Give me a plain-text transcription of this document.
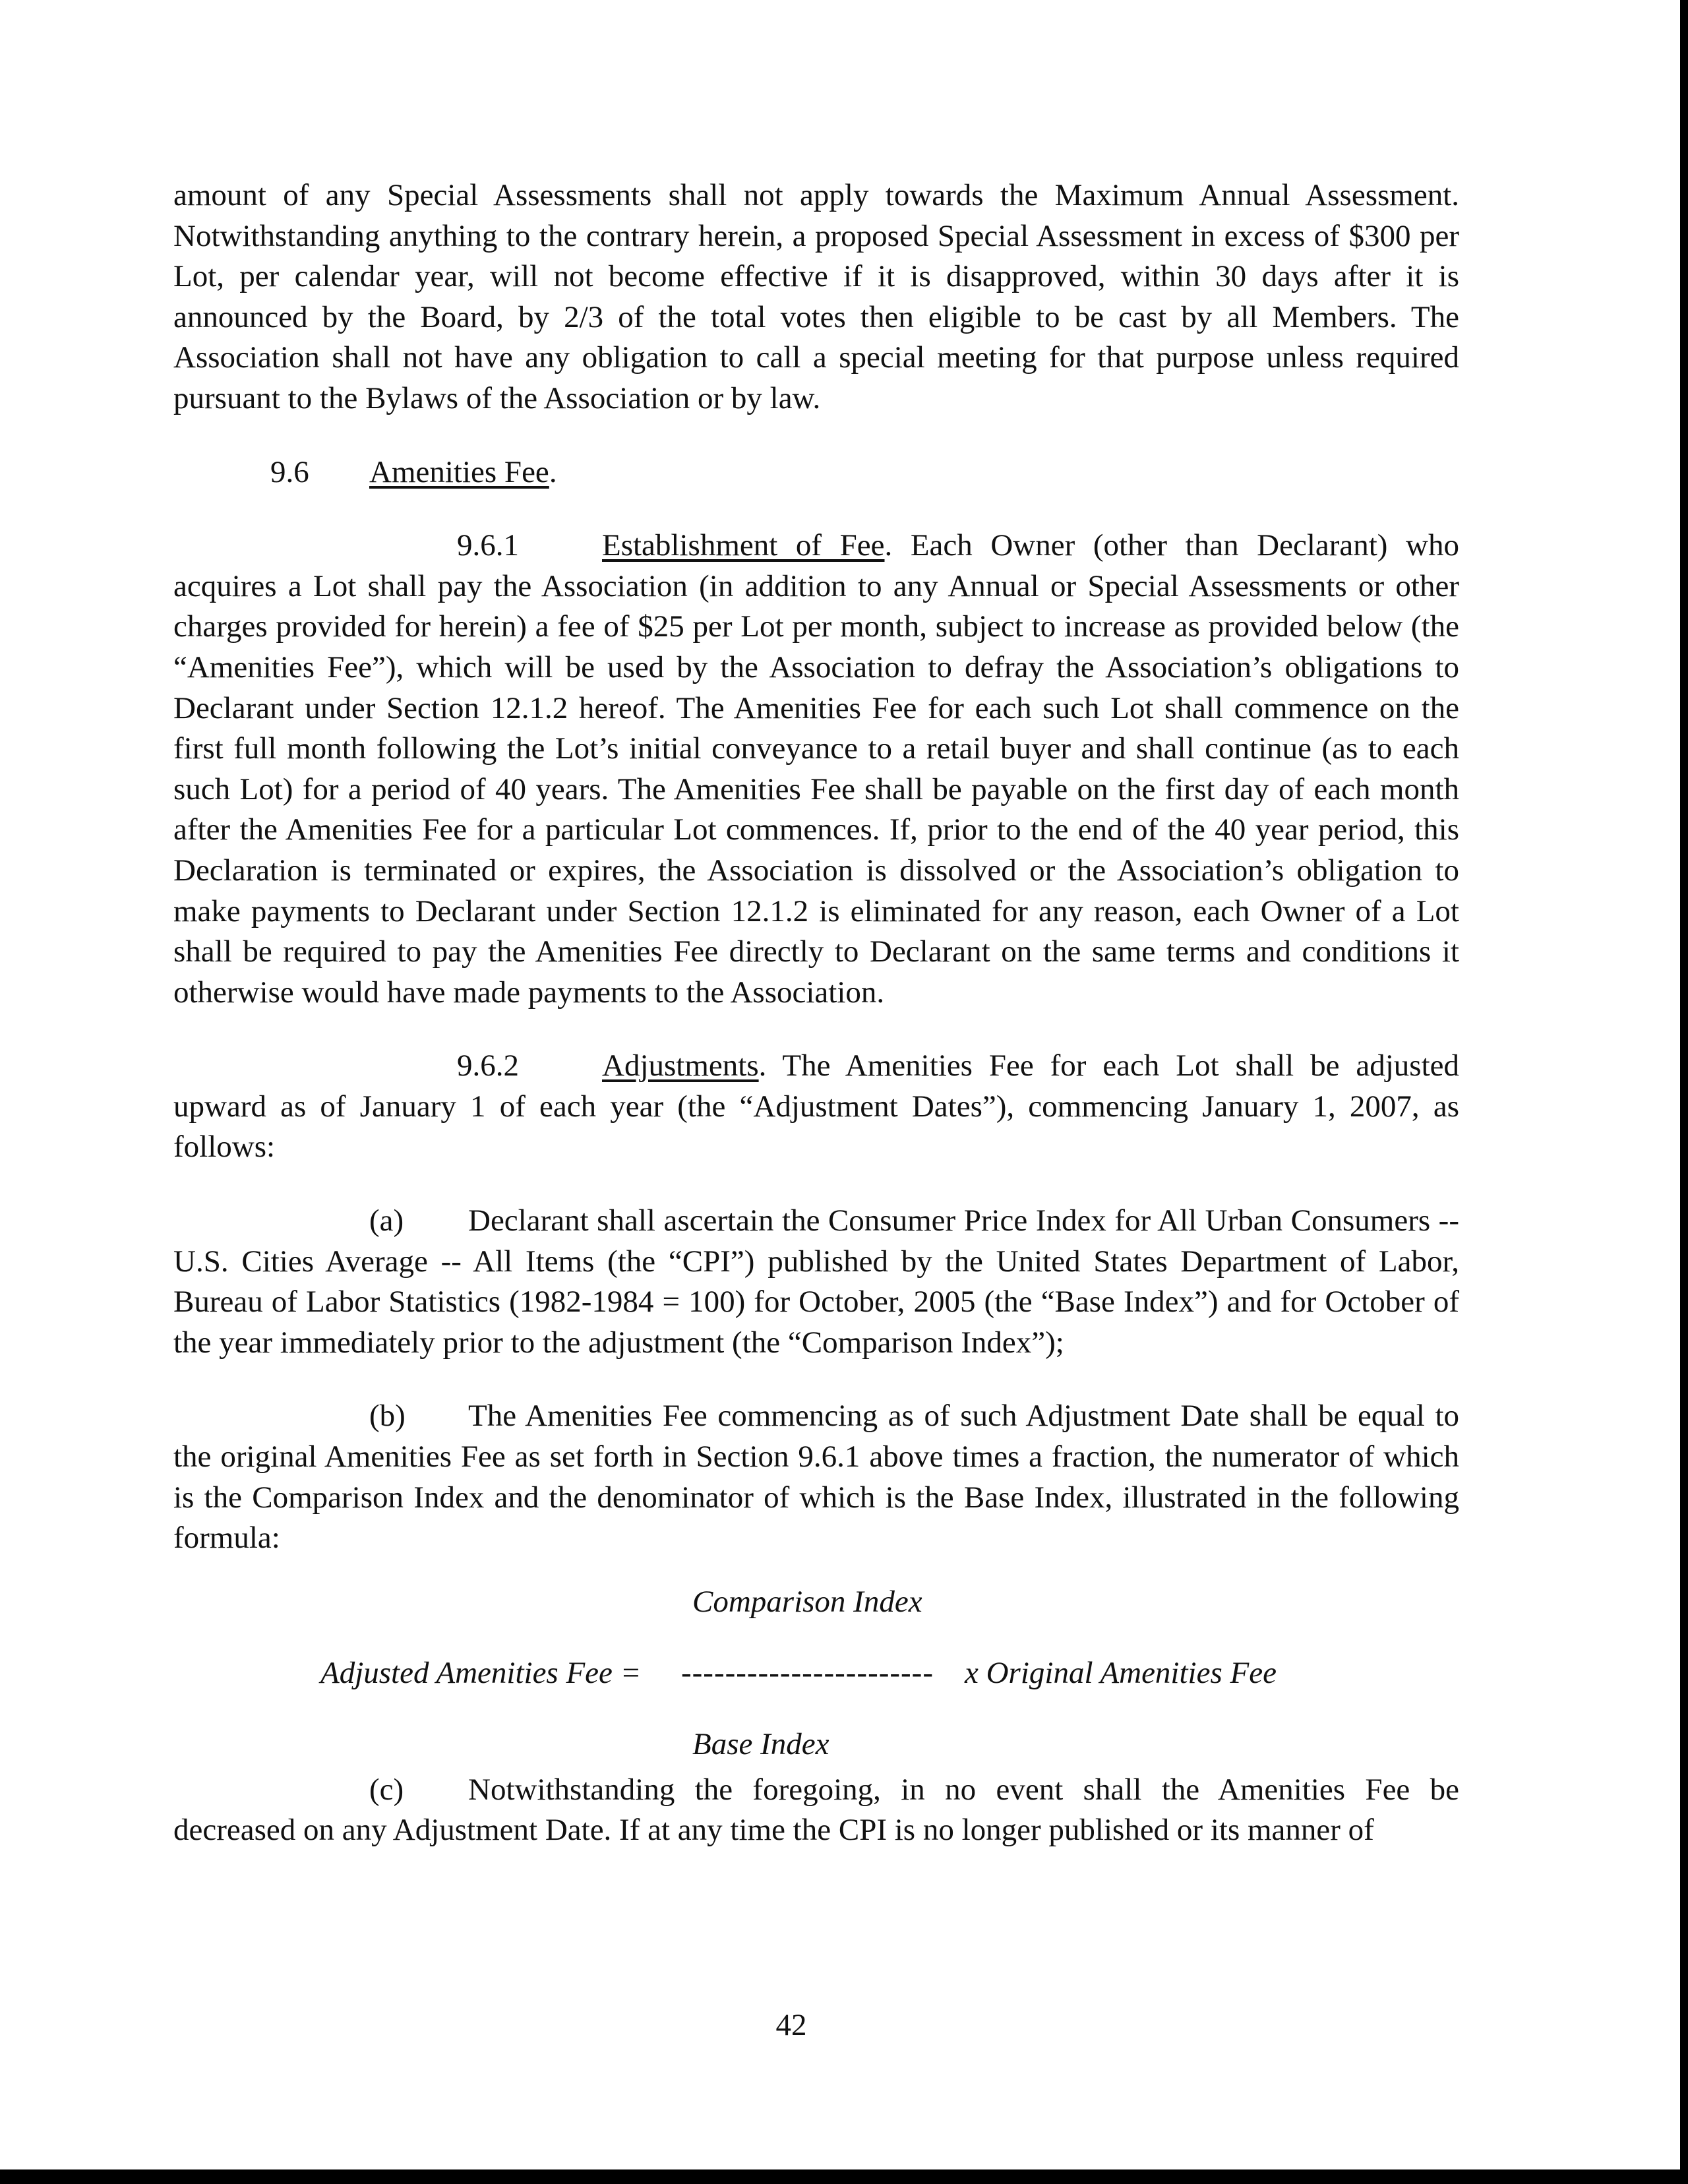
amount of any Special Assessments shall not apply towards the Maximum Annual Assessment. Notwithstanding anything to the contrary herein, a proposed Special Assessment in excess of $300 per Lot, per calendar year, will not become effective if it is disapproved, within 30 days after it is announced by the Board, by 2/3 of the total votes then eligible to be cast by all Members. The Association shall not have any obligation to call a special meeting for that purpose unless required pursuant to the Bylaws of the Association or by law.

9.6 Amenities Fee.

9.6.1	Establishment of Fee. Each Owner (other than Declarant) who acquires a Lot shall pay the Association (in addition to any Annual or Special Assessments or other charges provided for herein) a fee of $25 per Lot per month, subject to increase as provided below (the “Amenities Fee”), which will be used by the Association to defray the Association’s obligations to Declarant under Section 12.1.2 hereof. The Amenities Fee for each such Lot shall commence on the first full month following the Lot’s initial conveyance to a retail buyer and shall continue (as to each such Lot) for a period of 40 years. The Amenities Fee shall be payable on the first day of each month after the Amenities Fee for a particular Lot commences. If, prior to the end of the 40 year period, this Declaration is terminated or expires, the Association is dissolved or the Association’s obligation to make payments to Declarant under Section 12.1.2 is eliminated for any reason, each Owner of a Lot shall be required to pay the Amenities Fee directly to Declarant on the same terms and conditions it otherwise would have made payments to the Association.

9.6.2	Adjustments. The Amenities Fee for each Lot shall be adjusted upward as of January 1 of each year (the “Adjustment Dates”), commencing January 1, 2007, as follows:

(a) Declarant shall ascertain the Consumer Price Index for All Urban Consumers -- U.S. Cities Average -- All Items (the “CPI”) published by the United States Department of Labor, Bureau of Labor Statistics (1982-1984 = 100) for October, 2005 (the “Base Index”) and for October of the year immediately prior to the adjustment (the “Comparison Index”);

(b) The Amenities Fee commencing as of such Adjustment Date shall be equal to the original Amenities Fee as set forth in Section 9.6.1 above times a fraction, the numerator of which is the Comparison Index and the denominator of which is the Base Index, illustrated in the following formula:

Comparison Index
Adjusted Amenities Fee = ----------------------- x Original Amenities Fee
Base Index

(c) Notwithstanding the foregoing, in no event shall the Amenities Fee be decreased on any Adjustment Date. If at any time the CPI is no longer published or its manner of

42
